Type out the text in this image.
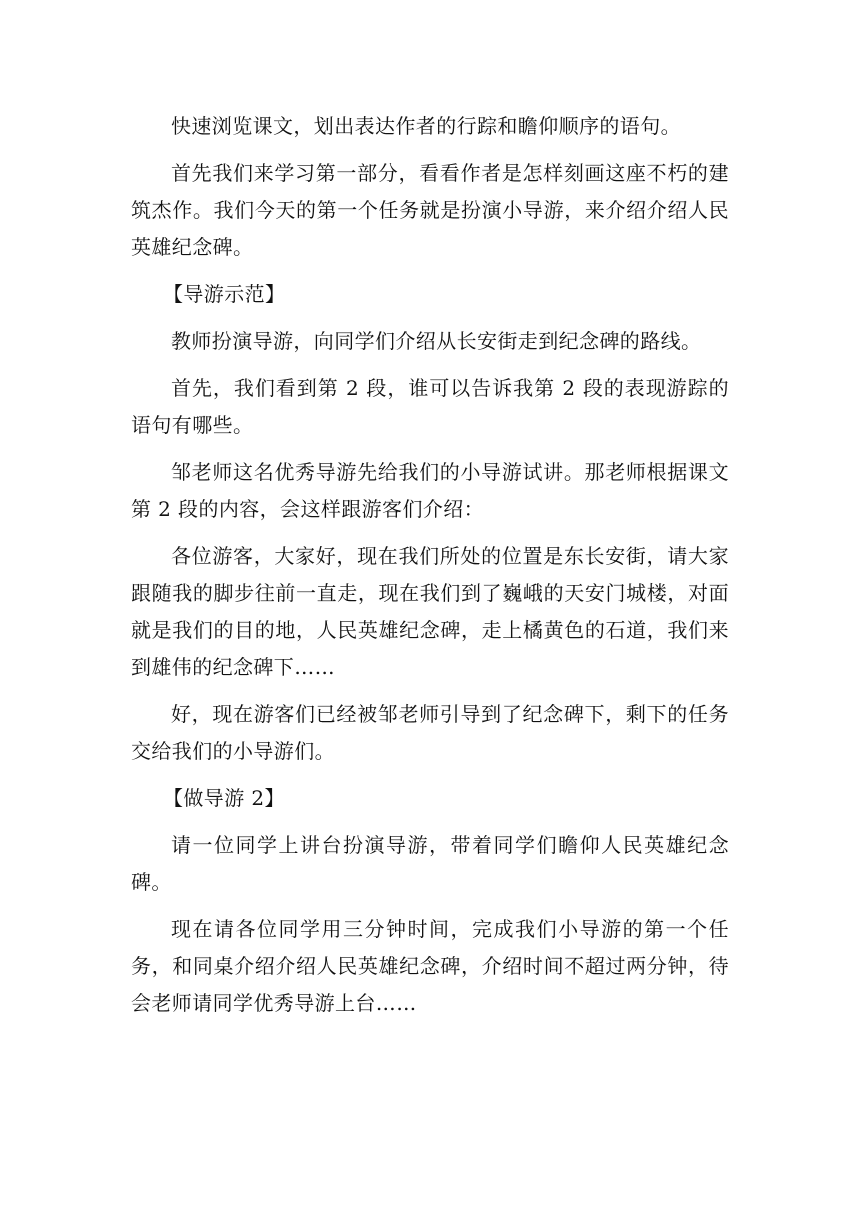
快速浏览课文，划出表达作者的行踪和瞻仰顺序的语句。

首先我们来学习第一部分，看看作者是怎样刻画这座不朽的建筑杰作。我们今天的第一个任务就是扮演小导游，来介绍介绍人民英雄纪念碑。

【导游示范】

教师扮演导游，向同学们介绍从长安街走到纪念碑的路线。

首先，我们看到第 2 段，谁可以告诉我第 2 段的表现游踪的语句有哪些。

邹老师这名优秀导游先给我们的小导游试讲。那老师根据课文第 2 段的内容，会这样跟游客们介绍：

各位游客，大家好，现在我们所处的位置是东长安街，请大家跟随我的脚步往前一直走，现在我们到了巍峨的天安门城楼，对面就是我们的目的地，人民英雄纪念碑，走上橘黄色的石道，我们来到雄伟的纪念碑下……

好，现在游客们已经被邹老师引导到了纪念碑下，剩下的任务交给我们的小导游们。

【做导游 2】

请一位同学上讲台扮演导游，带着同学们瞻仰人民英雄纪念碑。

现在请各位同学用三分钟时间，完成我们小导游的第一个任务，和同桌介绍介绍人民英雄纪念碑，介绍时间不超过两分钟，待会老师请同学优秀导游上台……
